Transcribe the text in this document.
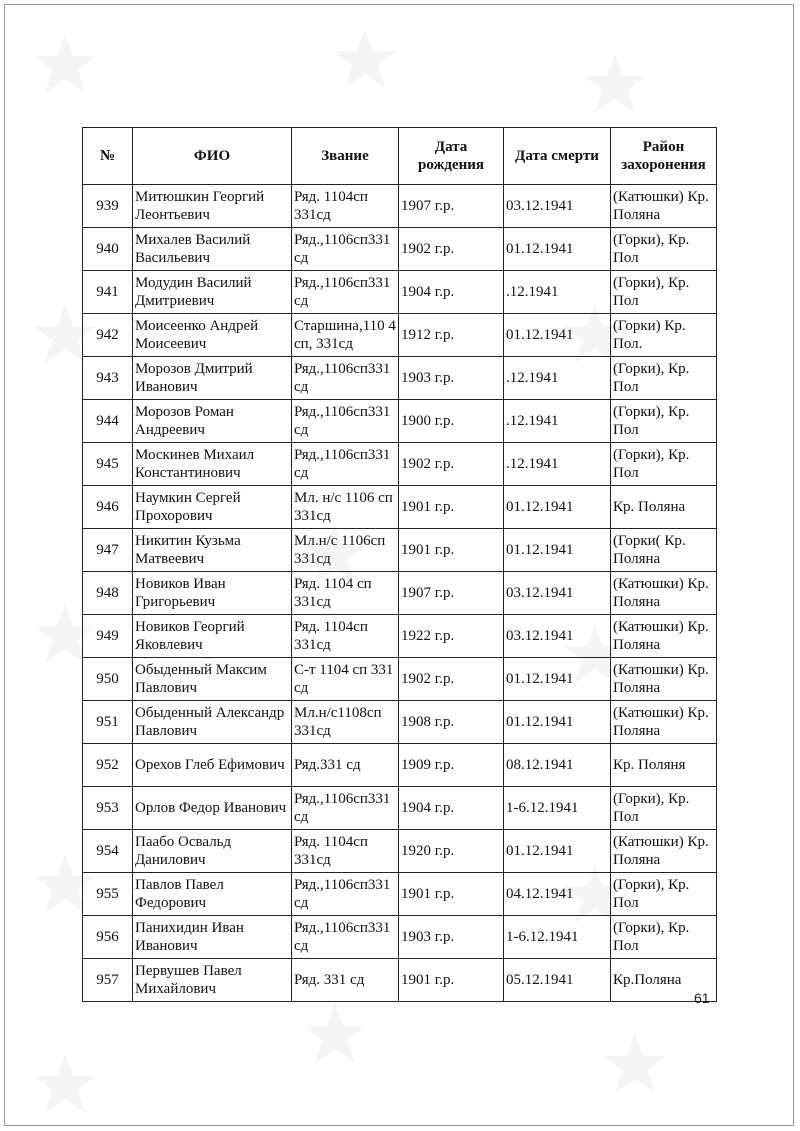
№	ФИО	Звание	Дата рождения	Дата смерти	Район захоронения
939	Митюшкин Георгий Леонтьевич	Ряд. 1104сп 331сд	1907 г.р.	03.12.1941	(Катюшки) Кр. Поляна
940	Михалев Василий Васильевич	Ряд.,1106сп331 сд	1902 г.р.	01.12.1941	(Горки), Кр. Пол
941	Модудин Василий Дмитриевич	Ряд.,1106сп331 сд	1904 г.р.	.12.1941	(Горки), Кр. Пол
942	Моисеенко Андрей Моисеевич	Старшина,110 4 сп, 331сд	1912 г.р.	01.12.1941	(Горки) Кр. Пол.
943	Морозов Дмитрий Иванович	Ряд.,1106сп331 сд	1903 г.р.	.12.1941	(Горки), Кр. Пол
944	Морозов Роман Андреевич	Ряд.,1106сп331 сд	1900 г.р.	.12.1941	(Горки), Кр. Пол
945	Москинев Михаил Константинович	Ряд.,1106сп331 сд	1902 г.р.	.12.1941	(Горки), Кр. Пол
946	Наумкин Сергей Прохорович	Мл. н/с 1106 сп 331сд	1901 г.р.	01.12.1941	Кр. Поляна
947	Никитин Кузьма Матвеевич	Мл.н/с 1106сп 331сд	1901 г.р.	01.12.1941	(Горки( Кр. Поляна
948	Новиков Иван Григорьевич	Ряд. 1104 сп 331сд	1907 г.р.	03.12.1941	(Катюшки) Кр. Поляна
949	Новиков Георгий Яковлевич	Ряд. 1104сп 331сд	1922 г.р.	03.12.1941	(Катюшки) Кр. Поляна
950	Обыденный Максим Павлович	С-т 1104 сп 331 сд	1902 г.р.	01.12.1941	(Катюшки) Кр. Поляна
951	Обыденный Александр Павлович	Мл.н/с1108сп 331сд	1908 г.р.	01.12.1941	(Катюшки) Кр. Поляна
952	Орехов Глеб Ефимович	Ряд.331 сд	1909 г.р.	08.12.1941	Кр. Поляня
953	Орлов Федор Иванович	Ряд.,1106сп331 сд	1904 г.р.	1-6.12.1941	(Горки), Кр. Пол
954	Паабо Освальд Данилович	Ряд. 1104сп 331сд	1920 г.р.	01.12.1941	(Катюшки) Кр. Поляна
955	Павлов Павел Федорович	Ряд.,1106сп331 сд	1901 г.р.	04.12.1941	(Горки), Кр. Пол
956	Панихидин Иван Иванович	Ряд.,1106сп331 сд	1903 г.р.	1-6.12.1941	(Горки), Кр. Пол
957	Первушев Павел Михайлович	Ряд. 331 сд	1901 г.р.	05.12.1941	Кр.Поляна
61
